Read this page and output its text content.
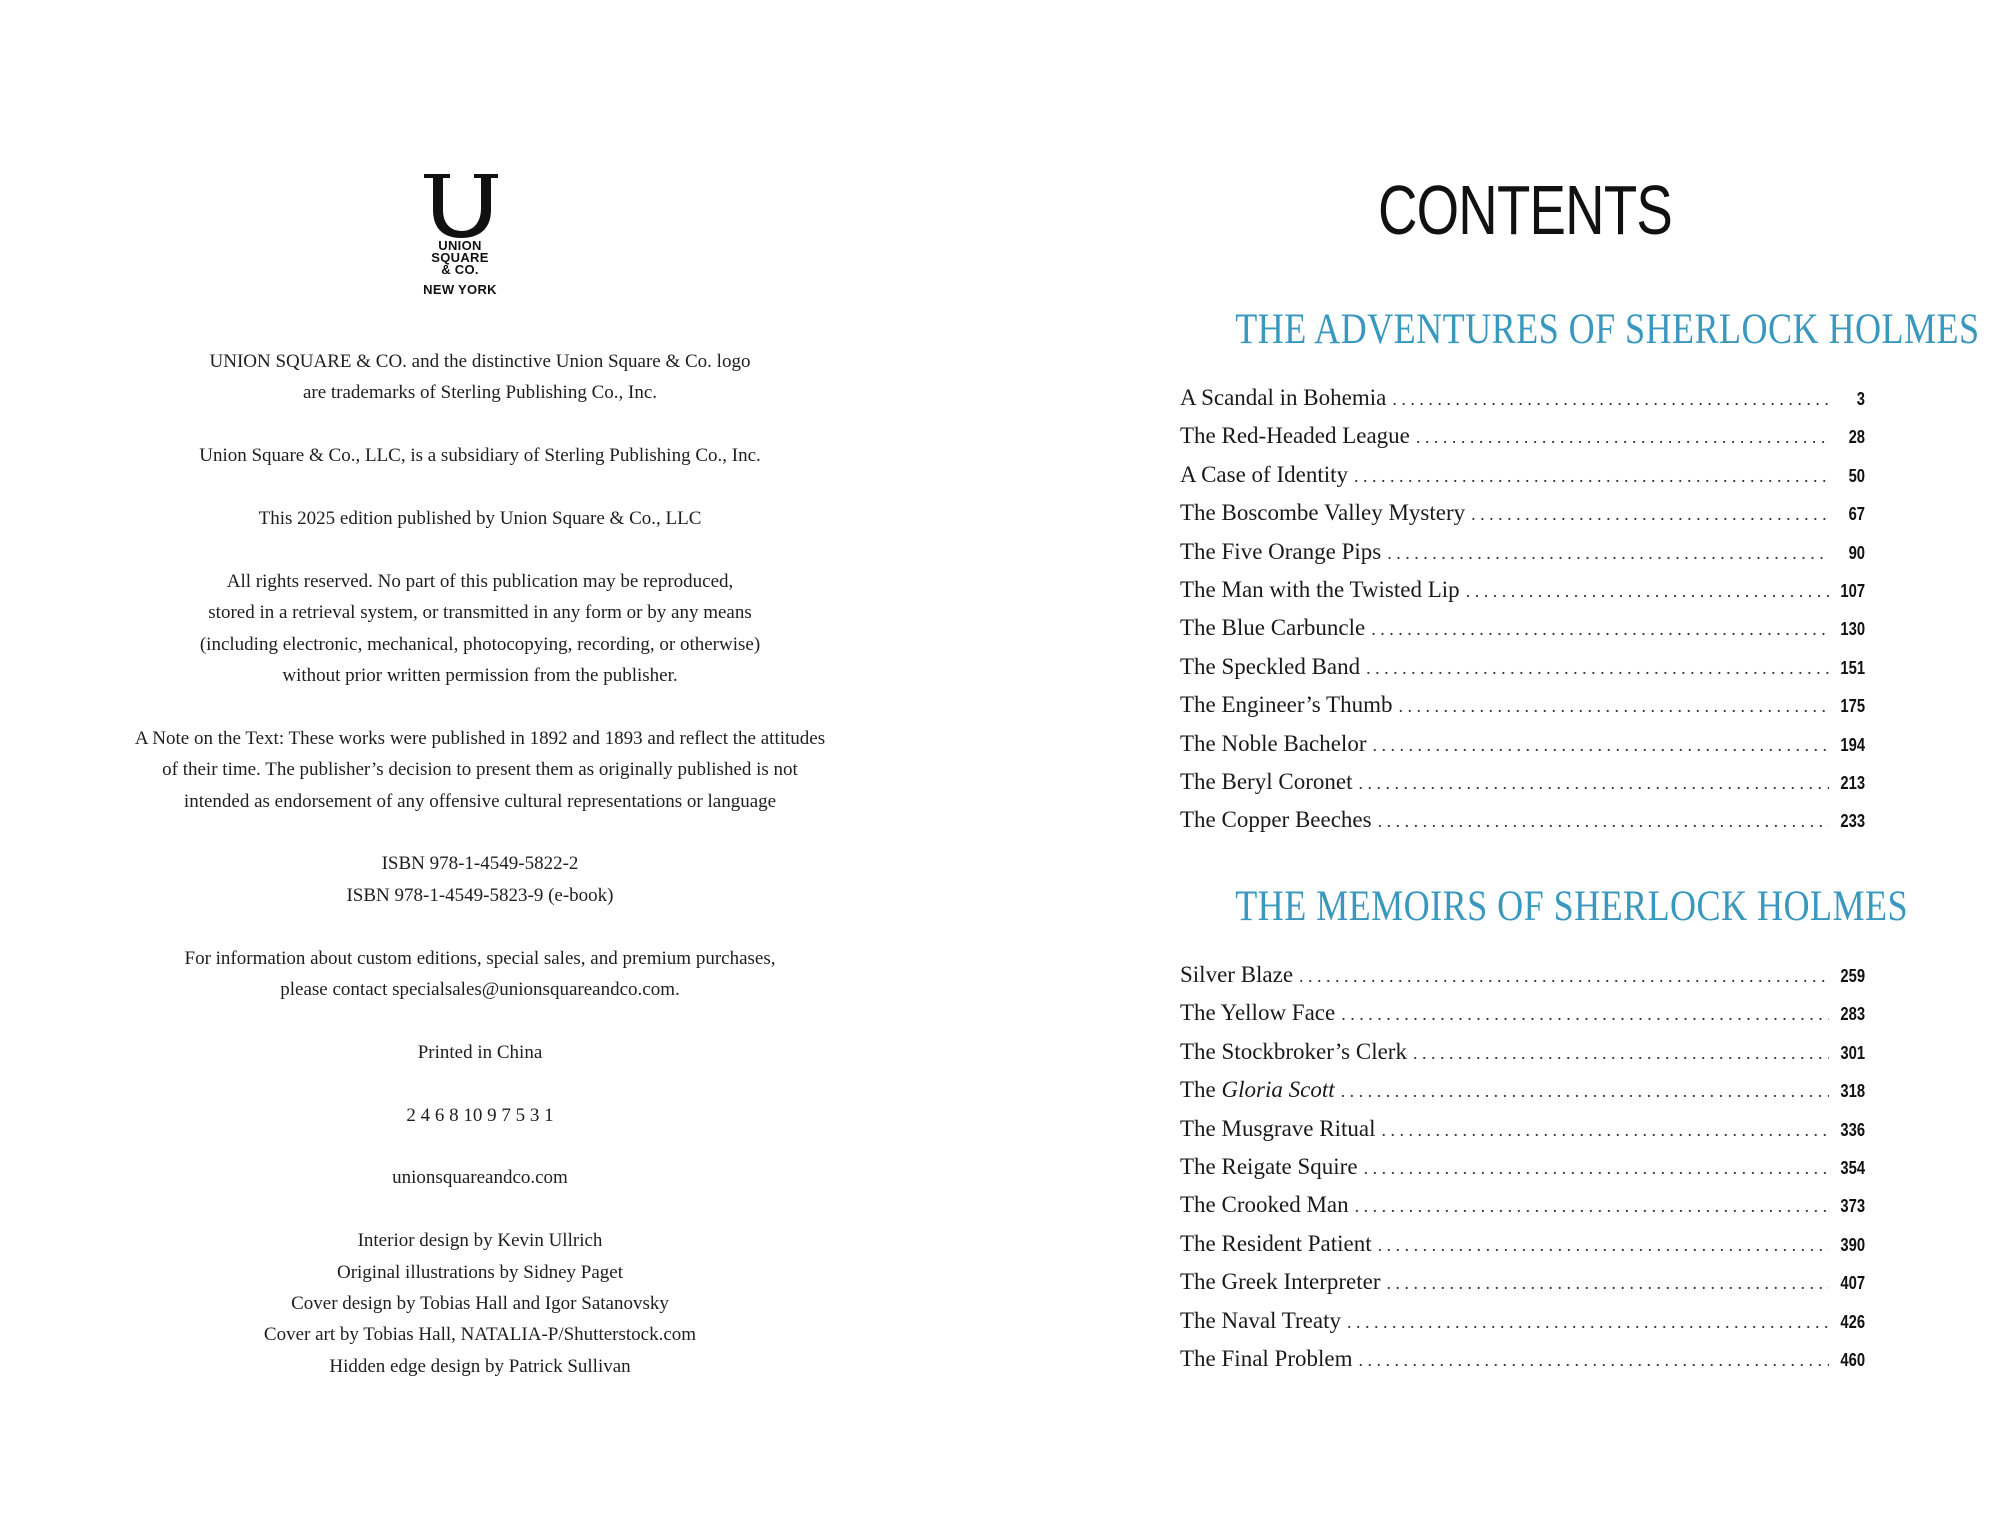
UNION
SQUARE
& CO.
NEW YORK

UNION SQUARE & CO. and the distinctive Union Square & Co. logo
are trademarks of Sterling Publishing Co., Inc.

Union Square & Co., LLC, is a subsidiary of Sterling Publishing Co., Inc.

This 2025 edition published by Union Square & Co., LLC

All rights reserved. No part of this publication may be reproduced,
stored in a retrieval system, or transmitted in any form or by any means
(including electronic, mechanical, photocopying, recording, or otherwise)
without prior written permission from the publisher.

A Note on the Text: These works were published in 1892 and 1893 and reflect the attitudes
of their time. The publisher’s decision to present them as originally published is not
intended as endorsement of any offensive cultural representations or language

ISBN 978-1-4549-5822-2
ISBN 978-1-4549-5823-9 (e-book)

For information about custom editions, special sales, and premium purchases,
please contact specialsales@unionsquareandco.com.

Printed in China

2 4 6 8 10 9 7 5 3 1

unionsquareandco.com

Interior design by Kevin Ullrich
Original illustrations by Sidney Paget
Cover design by Tobias Hall and Igor Satanovsky
Cover art by Tobias Hall, NATALIA-P/Shutterstock.com
Hidden edge design by Patrick Sullivan

CONTENTS
THE ADVENTURES OF SHERLOCK HOLMES
A Scandal in Bohemia . . .	3
The Red-Headed League . . .	28
A Case of Identity . . .	50
The Boscombe Valley Mystery . . .	67
The Five Orange Pips . . .	90
The Man with the Twisted Lip . . .	107
The Blue Carbuncle . . .	130
The Speckled Band . . .	151
The Engineer’s Thumb . . .	175
The Noble Bachelor . . .	194
The Beryl Coronet . . .	213
The Copper Beeches . . .	233
THE MEMOIRS OF SHERLOCK HOLMES
Silver Blaze . . .	259
The Yellow Face . . .	283
The Stockbroker’s Clerk . . .	301
The Gloria Scott . . .	318
The Musgrave Ritual . . .	336
The Reigate Squire . . .	354
The Crooked Man . . .	373
The Resident Patient . . .	390
The Greek Interpreter . . .	407
The Naval Treaty . . .	426
The Final Problem . . .	460
